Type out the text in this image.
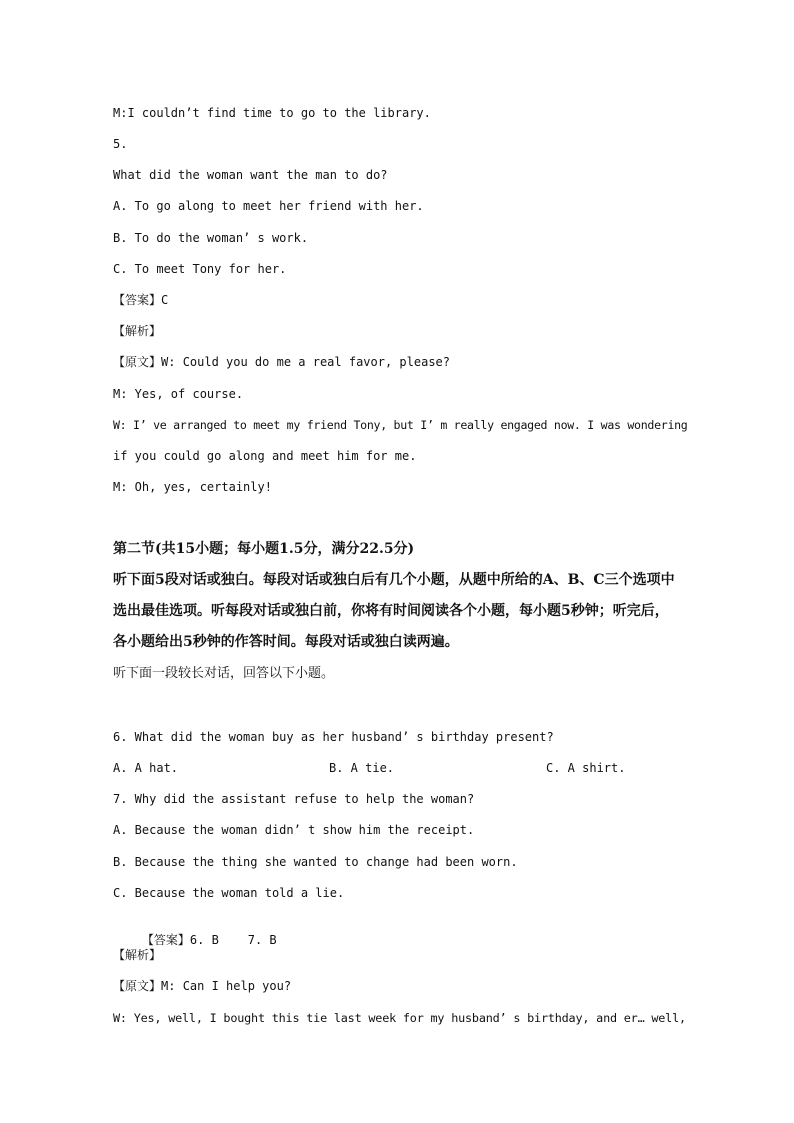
M:I couldn’t find time to go to the library.
5.
What did the woman want the man to do?
A. To go along to meet her friend with her.
B. To do the woman’ s work.
C. To meet Tony for her.
【答案】C
【解析】
【原文】W: Could you do me a real favor, please?
M: Yes, of course.
W: I’ ve arranged to meet my friend Tony, but I’ m really engaged now. I was wondering
if you could go along and meet him for me.
M: Oh, yes, certainly!
第二节(共15小题；每小题1.5分，满分22.5分)
听下面5段对话或独白。每段对话或独白后有几个小题，从题中所给的A、B、C三个选项中
选出最佳选项。听每段对话或独白前，你将有时间阅读各个小题，每小题5秒钟；听完后，
各小题给出5秒钟的作答时间。每段对话或独白读两遍。
听下面一段较长对话，回答以下小题。
6. What did the woman buy as her husband’ s birthday present?
A. A hat.	B. A tie.	C. A shirt.
7. Why did the assistant refuse to help the woman?
A. Because the woman didn’ t show him the receipt.
B. Because the thing she wanted to change had been worn.
C. Because the woman told a lie.

【答案】6. B    7. B

【解析】
【原文】M: Can I help you?
W: Yes, well, I bought this tie last week for my husband’ s birthday, and er… well,
